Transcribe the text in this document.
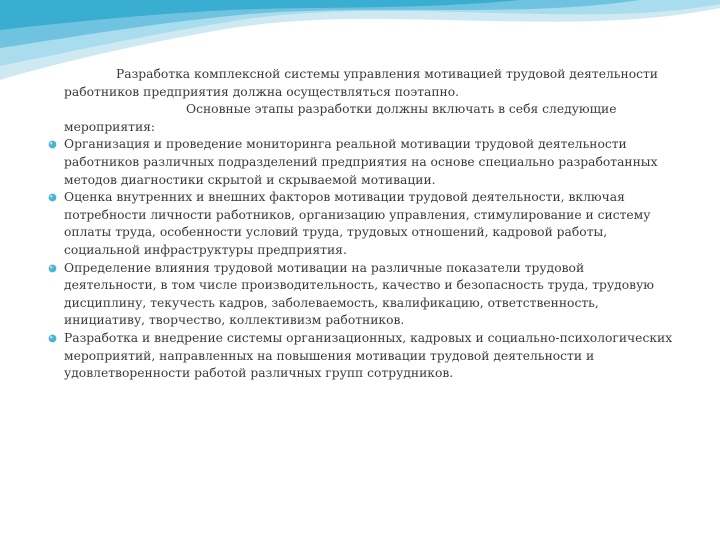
Разработка комплексной системы управления мотивацией трудовой деятельности работников предприятия должна осуществляться поэтапно.

Основные этапы разработки должны включать в себя следующие мероприятия:

Организация и проведение мониторинга реальной мотивации трудовой деятельности работников различных подразделений предприятия на основе специально разработанных методов диагностики скрытой и скрываемой мотивации.
Оценка внутренних и внешних факторов мотивации трудовой деятельности, включая потребности личности работников, организацию управления, стимулирование и систему оплаты труда, особенности условий труда, трудовых отношений, кадровой работы, социальной инфраструктуры предприятия.
Определение влияния трудовой мотивации на различные показатели трудовой деятельности, в том числе производительность, качество и безопасность труда, трудовую дисциплину, текучесть кадров, заболеваемость, квалификацию, ответственность, инициативу, творчество, коллективизм работников.
Разработка и внедрение системы организационных, кадровых и социально-психологических мероприятий, направленных на повышения мотивации трудовой деятельности и удовлетворенности работой различных групп сотрудников.
